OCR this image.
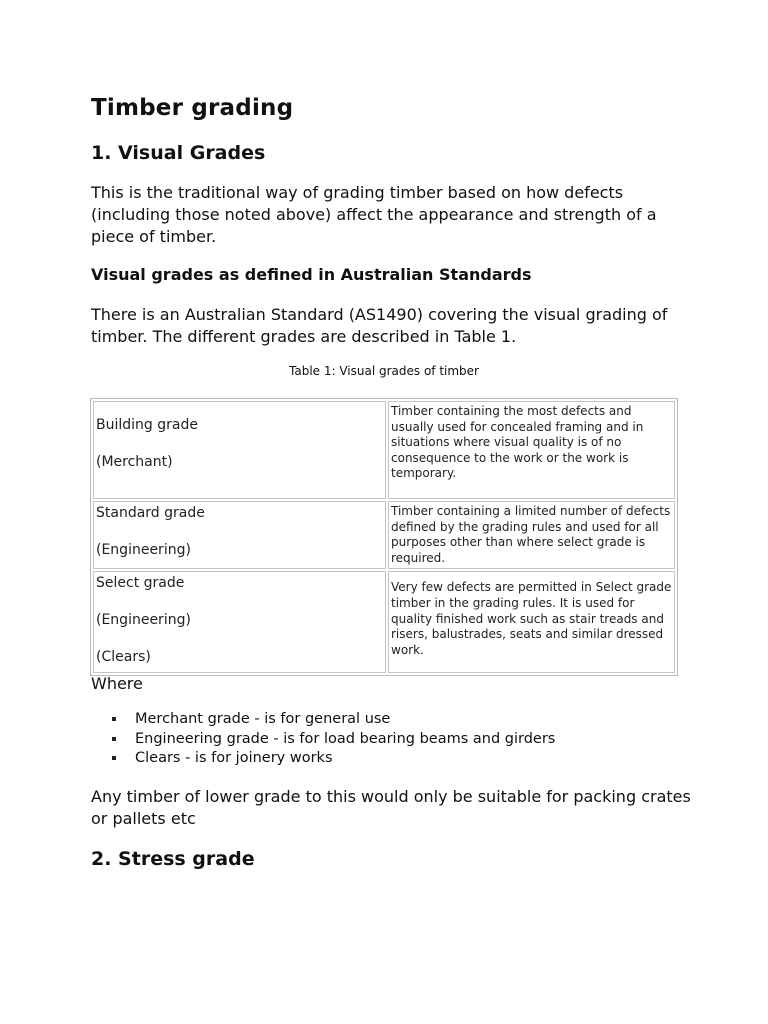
Timber grading
1. Visual Grades

This is the traditional way of grading timber based on how defects (including those noted above) affect the appearance and strength of a piece of timber.

Visual grades as defined in Australian Standards

There is an Australian Standard (AS1490) covering the visual grading of timber. The different grades are described in Table 1.

Table 1: Visual grades of timber

Building grade

(Merchant)	Timber containing the most defects and usually used for concealed framing and in situations where visual quality is of no consequence to the work or the work is temporary.

Standard grade

(Engineering)	Timber containing a limited number of defects defined by the grading rules and used for all purposes other than where select grade is required.

Select grade

(Engineering)

(Clears)	Very few defects are permitted in Select grade timber in the grading rules. It is used for quality finished work such as stair treads and risers, balustrades, seats and similar dressed work.

Where

Merchant grade - is for general use
Engineering grade - is for load bearing beams and girders
Clears - is for joinery works

Any timber of lower grade to this would only be suitable for packing crates or pallets etc

2. Stress grade
